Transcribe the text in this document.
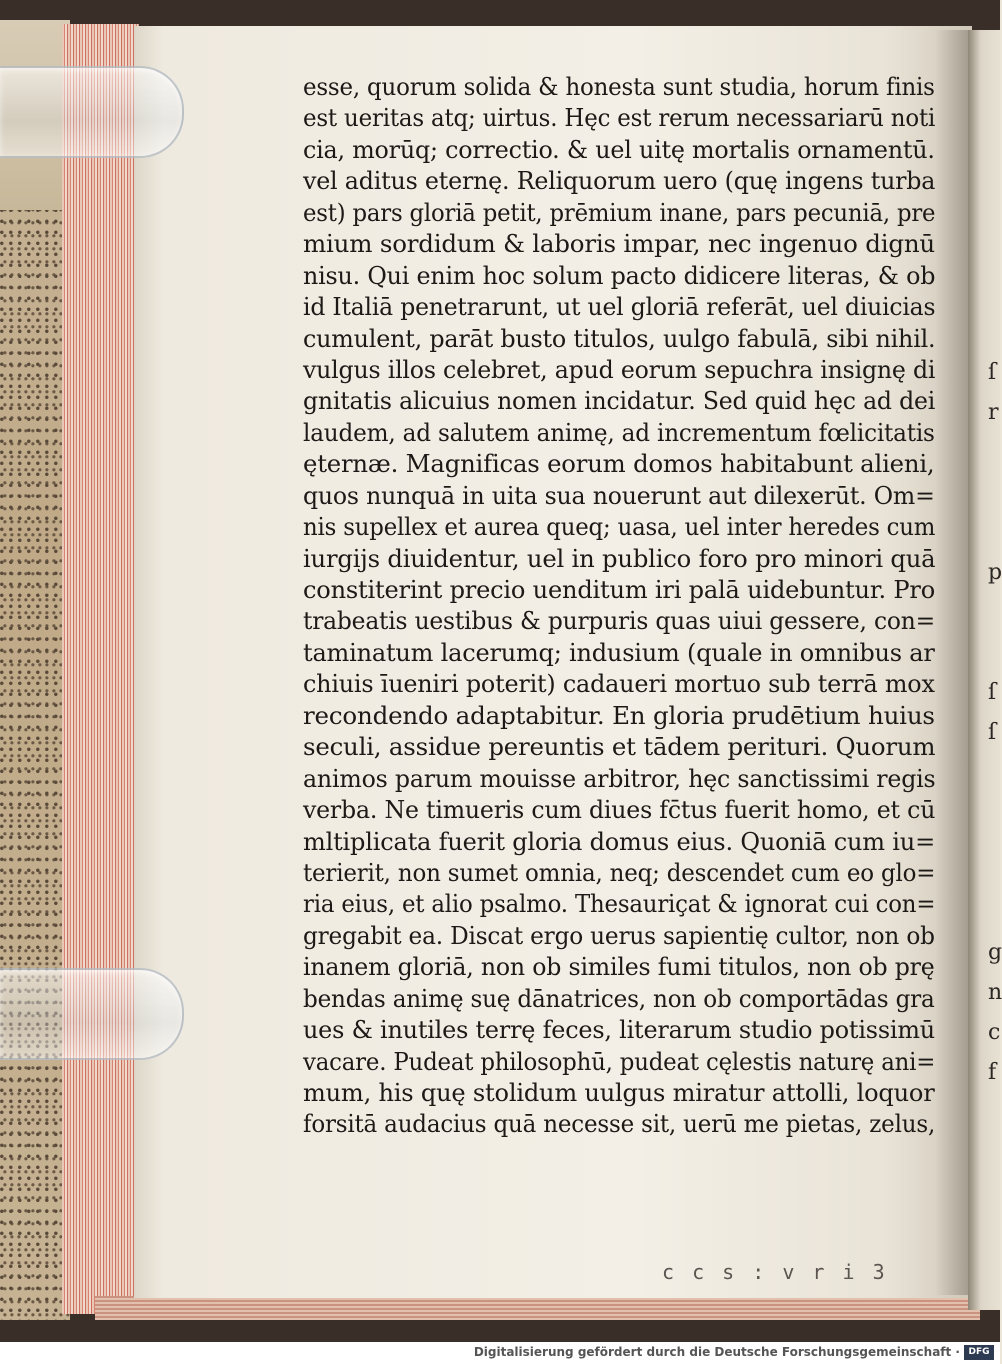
ſ
r
p
ſ
ſ
g
n
c
f
esse, quorum solida & honesta sunt studia, horum finis
est ueritas atq; uirtus. Hęc est rerum necessariarū noti
cia, morūq; correctio. & uel uitę mortalis ornamentū.
vel aditus eternę. Reliquorum uero (quę ingens turba
est) pars gloriā petit, prēmium inane, pars pecuniā, pre
mium sordidum & laboris impar, nec ingenuo dignū
nisu. Qui enim hoc solum pacto didicere literas, & ob
id Italiā penetrarunt, ut uel gloriā referāt, uel diuicias
cumulent, parāt busto titulos, uulgo fabulā, sibi nihil.
vulgus illos celebret, apud eorum sepuchra insignę di
gnitatis alicuius nomen incidatur. Sed quid hęc ad dei
laudem, ad salutem animę, ad incrementum fœlicitatis
ęternæ. Magnificas eorum domos habitabunt alieni,
quos nunquā in uita sua nouerunt aut dilexerūt. Om=
nis supellex et aurea queq; uasa, uel inter heredes cum
iurgijs diuidentur, uel in publico foro pro minori quā
constiterint precio uenditum iri palā uidebuntur. Pro
trabeatis uestibus & purpuris quas uiui gessere, con=
taminatum lacerumq; indusium (quale in omnibus ar
chiuis īueniri poterit) cadaueri mortuo sub terrā mox
recondendo adaptabitur. En gloria prudētium huius
seculi, assidue pereuntis et tādem perituri. Quorum
animos parum mouisse arbitror, hęc sanctissimi regis
verba. Ne timueris cum diues fc̄tus fuerit homo, et cū
mltiplicata fuerit gloria domus eius. Quoniā cum iu=
terierit, non sumet omnia, neq; descendet cum eo glo=
ria eius, et alio psalmo. Thesauriçat & ignorat cui con=
gregabit ea. Discat ergo uerus sapientię cultor, non ob
inanem gloriā, non ob similes fumi titulos, non ob prę
bendas animę suę dānatrices, non ob comportādas gra
ues & inutiles terrę feces, literarum studio potissimū
vacare. Pudeat philosophū, pudeat cęlestis naturę ani=
mum, his quę stolidum uulgus miratur attolli, loquor
forsitā audacius quā necesse sit, uerū me pietas, zelus,
c c s : v r i 3
Digitalisierung gefördert durch die Deutsche Forschungsgemeinschaft · DFG
